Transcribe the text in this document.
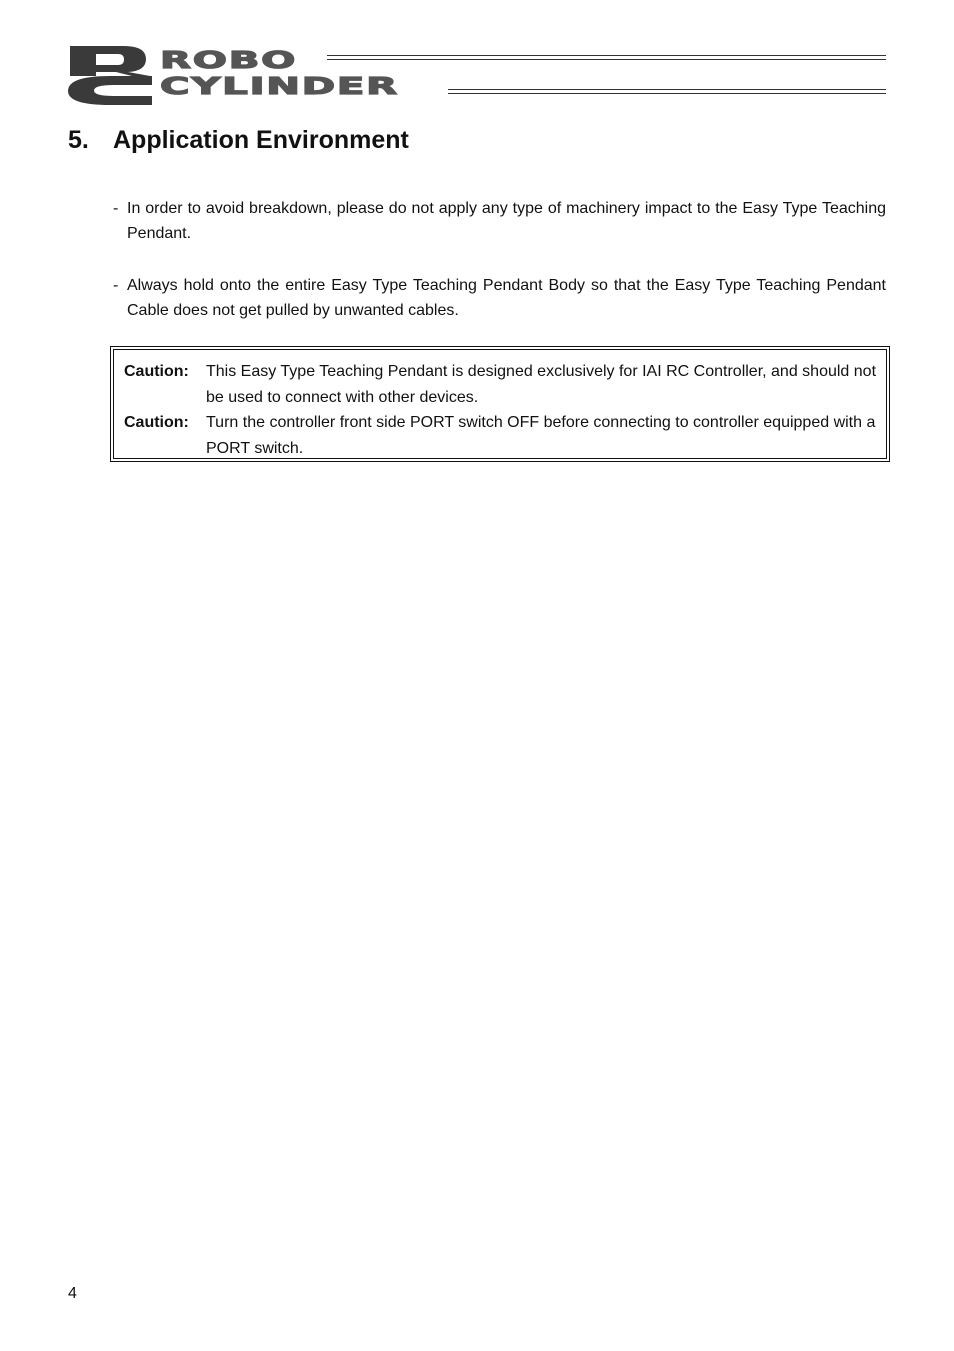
ROBO
CYLINDER
5. Application Environment

- In order to avoid breakdown, please do not apply any type of machinery impact to the Easy Type Teaching Pendant.

- Always hold onto the entire Easy Type Teaching Pendant Body so that the Easy Type Teaching Pendant Cable does not get pulled by unwanted cables.

Caution:	This Easy Type Teaching Pendant is designed exclusively for IAI RC Controller, and should not be used to connect with other devices.
Caution:	Turn the controller front side PORT switch OFF before connecting to controller equipped with a PORT switch.
4
